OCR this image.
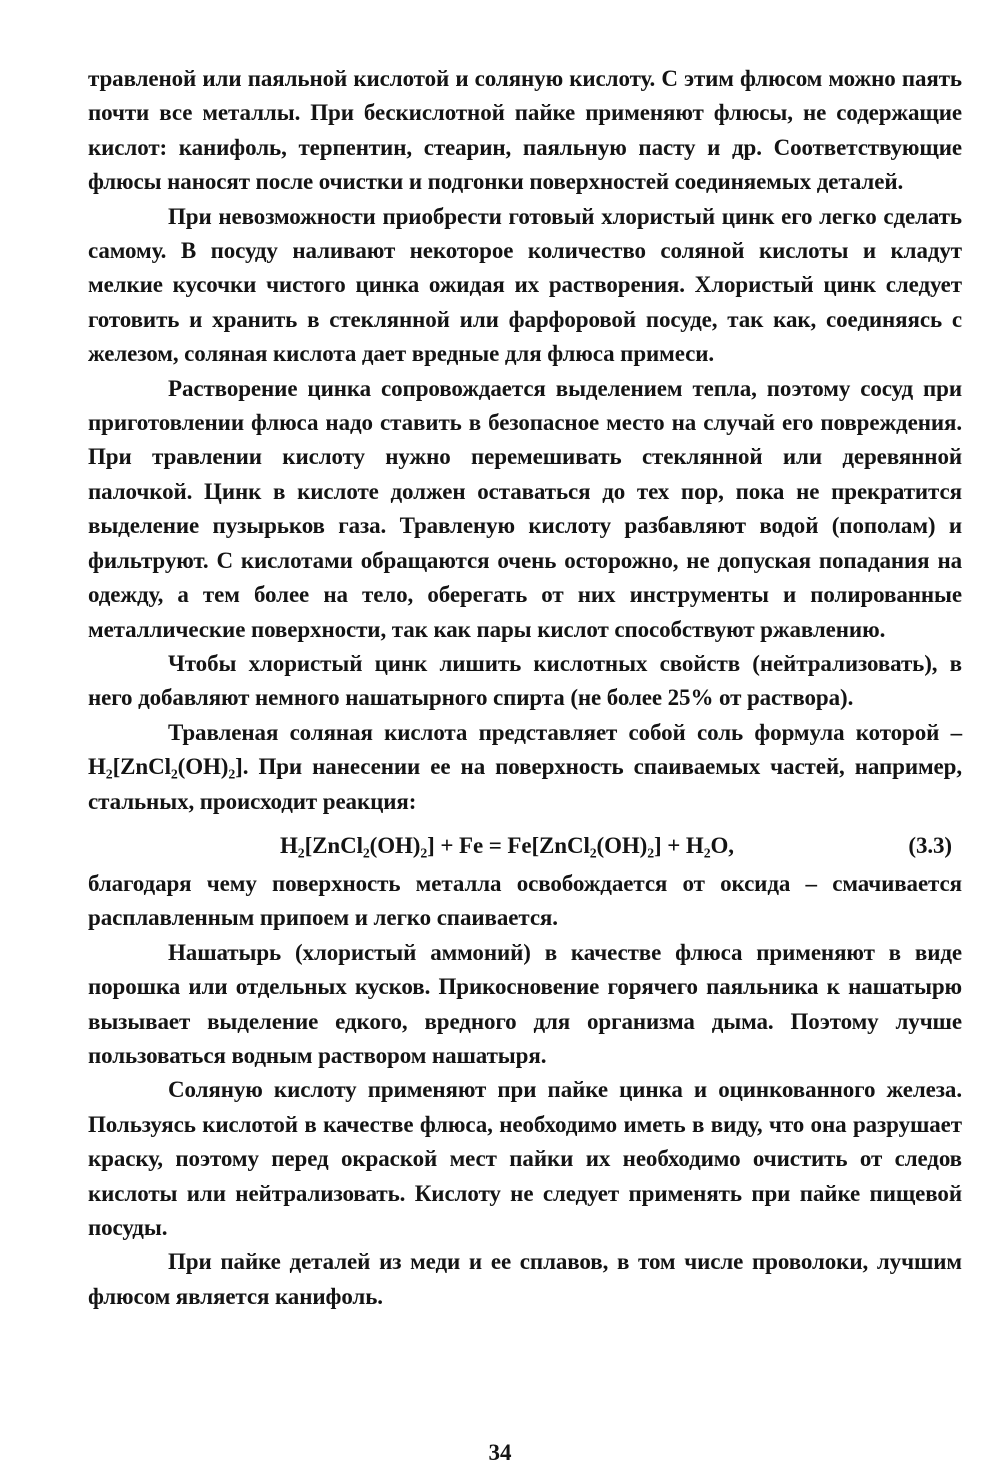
травленой или паяльной кислотой и соляную кислоту. С этим флюсом можно паять почти все металлы. При бескислотной пайке применяют флюсы, не содержащие кислот: канифоль, терпентин, стеарин, паяльную пасту и др. Соответствующие флюсы наносят после очистки и подгонки поверхностей соединяемых деталей.

При невозможности приобрести готовый хлористый цинк его легко сделать самому. В посуду наливают некоторое количество соляной кислоты и кладут мелкие кусочки чистого цинка ожидая их растворения. Хлористый цинк следует готовить и хранить в стеклянной или фарфоровой посуде, так как, соединяясь с железом, соляная кислота дает вредные для флюса примеси.

Растворение цинка сопровождается выделением тепла, поэтому сосуд при приготовлении флюса надо ставить в безопасное место на случай его повреждения. При травлении кислоту нужно перемешивать стеклянной или деревянной палочкой. Цинк в кислоте должен оставаться до тех пор, пока не прекратится выделение пузырьков газа. Травленую кислоту разбавляют водой (пополам) и фильтруют. С кислотами обращаются очень осторожно, не допуская попадания на одежду, а тем более на тело, оберегать от них инструменты и полированные металлические поверхности, так как пары кислот способствуют ржавлению.

Чтобы хлористый цинк лишить кислотных свойств (нейтрализовать), в него добавляют немного нашатырного спирта (не более 25% от раствора).

Травленая соляная кислота представляет собой соль формула которой – H₂[ZnCl₂(OH)₂]. При нанесении ее на поверхность спаиваемых частей, например, стальных, происходит реакция:

H₂[ZnCl₂(OH)₂] + Fe = Fe[ZnCl₂(OH)₂] + H₂O,	(3.3)

благодаря чему поверхность металла освобождается от оксида – смачивается расплавленным припоем и легко спаивается.

Нашатырь (хлористый аммоний) в качестве флюса применяют в виде порошка или отдельных кусков. Прикосновение горячего паяльника к нашатырю вызывает выделение едкого, вредного для организма дыма. Поэтому лучше пользоваться водным раствором нашатыря.

Соляную кислоту применяют при пайке цинка и оцинкованного железа. Пользуясь кислотой в качестве флюса, необходимо иметь в виду, что она разрушает краску, поэтому перед окраской мест пайки их необходимо очистить от следов кислоты или нейтрализовать. Кислоту не следует применять при пайке пищевой посуды.

При пайке деталей из меди и ее сплавов, в том числе проволоки, лучшим флюсом является канифоль.

34
